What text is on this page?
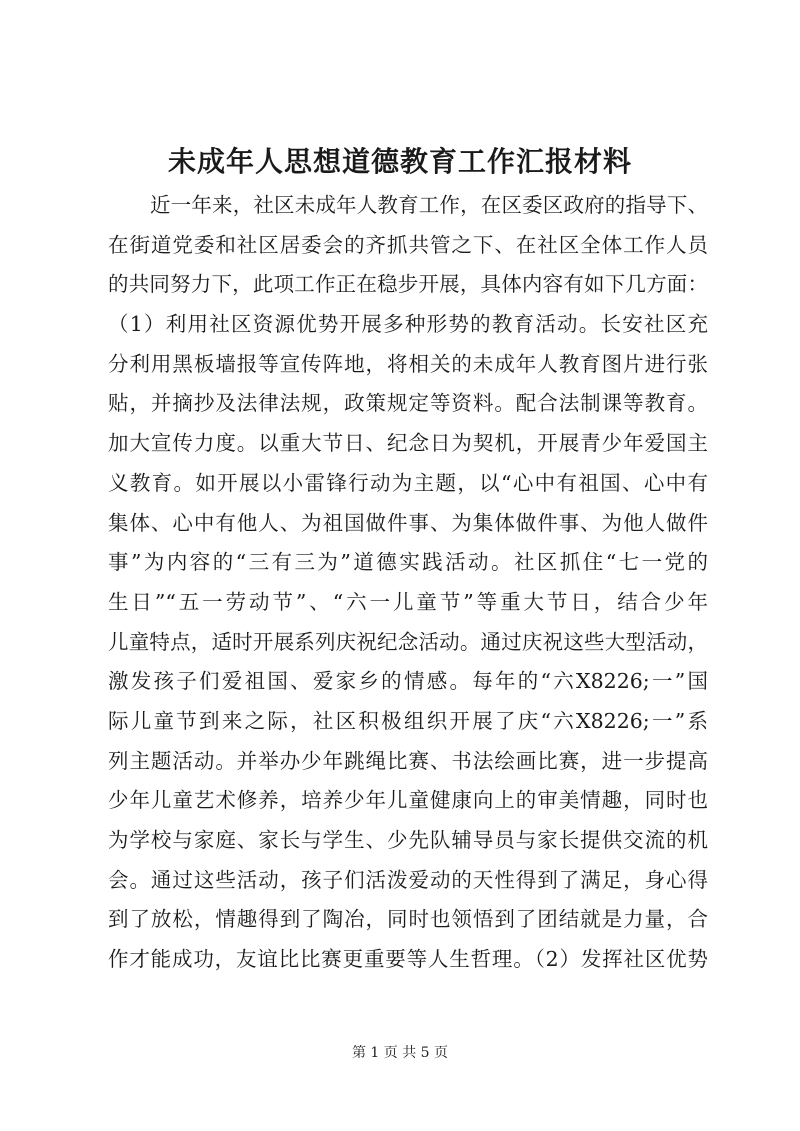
未成年人思想道德教育工作汇报材料
近一年来，社区未成年人教育工作，在区委区政府的指导下、
在街道党委和社区居委会的齐抓共管之下、在社区全体工作人员
的共同努力下，此项工作正在稳步开展，具体内容有如下几方面：
（1）利用社区资源优势开展多种形势的教育活动。长安社区充
分利用黑板墙报等宣传阵地，将相关的未成年人教育图片进行张
贴，并摘抄及法律法规，政策规定等资料。配合法制课等教育。
加大宣传力度。以重大节日、纪念日为契机，开展青少年爱国主
义教育。如开展以小雷锋行动为主题，以“心中有祖国、心中有
集体、心中有他人、为祖国做件事、为集体做件事、为他人做件
事”为内容的“三有三为”道德实践活动。社区抓住“七一党的
生日”“五一劳动节”、“六一儿童节”等重大节日，结合少年
儿童特点，适时开展系列庆祝纪念活动。通过庆祝这些大型活动，
激发孩子们爱祖国、爱家乡的情感。每年的“六X8226;一”国
际儿童节到来之际，社区积极组织开展了庆“六X8226;一”系
列主题活动。并举办少年跳绳比赛、书法绘画比赛，进一步提高
少年儿童艺术修养，培养少年儿童健康向上的审美情趣，同时也
为学校与家庭、家长与学生、少先队辅导员与家长提供交流的机
会。通过这些活动，孩子们活泼爱动的天性得到了满足，身心得
到了放松，情趣得到了陶冶，同时也领悟到了团结就是力量，合
作才能成功，友谊比比赛更重要等人生哲理。（2）发挥社区优势
第 1 页 共 5 页
